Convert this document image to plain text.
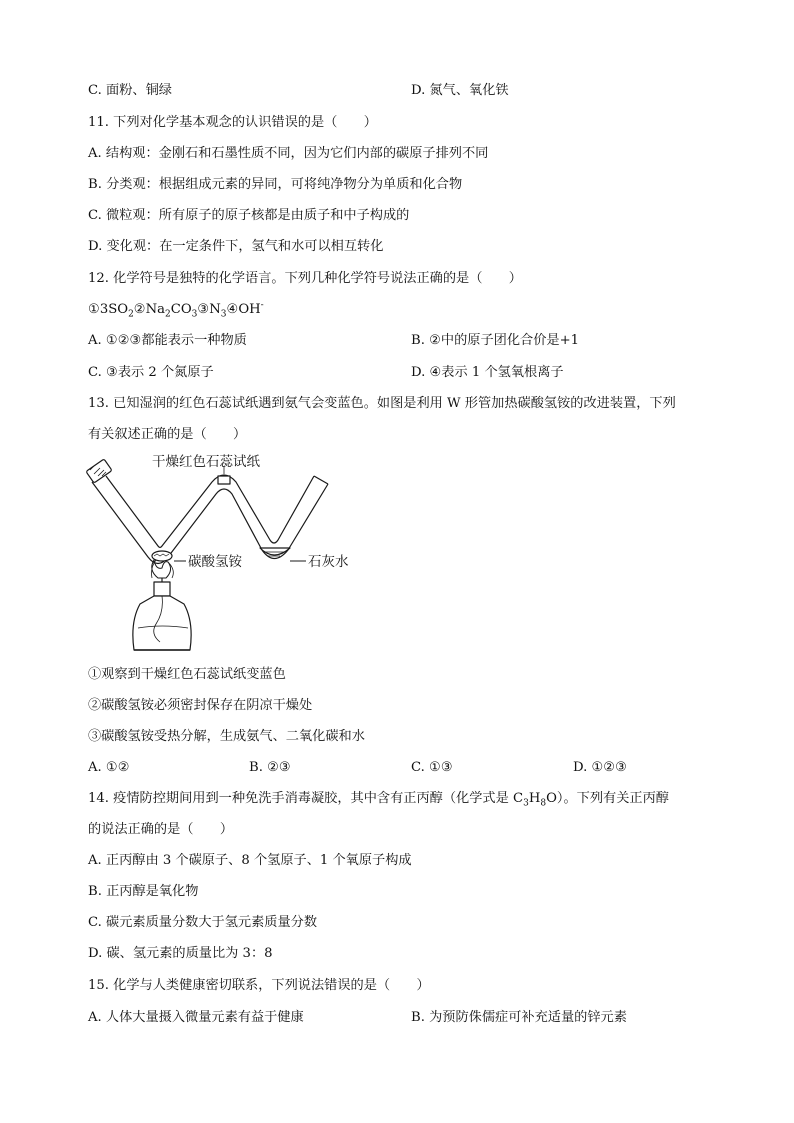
C. 面粉、铜绿	D. 氮气、氧化铁
11. 下列对化学基本观念的认识错误的是（　　）
A. 结构观：金刚石和石墨性质不同，因为它们内部的碳原子排列不同
B. 分类观：根据组成元素的异同，可将纯净物分为单质和化合物
C. 微粒观：所有原子的原子核都是由质子和中子构成的
D. 变化观：在一定条件下，氢气和水可以相互转化
12. 化学符号是独特的化学语言。下列几种化学符号说法正确的是（　　）
$①3SO_2②Na_2CO_3③N_3④OH^-$
A. ①②③都能表示一种物质	B. ②中的原子团化合价是+1
C. ③表示 2 个氮原子	D. ④表示 1 个氢氧根离子
13. 已知湿润的红色石蕊试纸遇到氨气会变蓝色。如图是利用 W 形管加热碳酸氢铵的改进装置，下列
有关叙述正确的是（　　）
干燥红色石蕊试纸
碳酸氢铵	石灰水
①观察到干燥红色石蕊试纸变蓝色
②碳酸氢铵必须密封保存在阴凉干燥处
③碳酸氢铵受热分解，生成氨气、二氧化碳和水
A. ①②	B. ②③	C. ①③	D. ①②③
14. 疫情防控期间用到一种免洗手消毒凝胶，其中含有正丙醇（化学式是 $C_3H_8O$）。下列有关正丙醇
的说法正确的是（　　）
A. 正丙醇由 3 个碳原子、8 个氢原子、1 个氧原子构成
B. 正丙醇是氧化物
C. 碳元素质量分数大于氢元素质量分数
D. 碳、氢元素的质量比为 3：8
15. 化学与人类健康密切联系，下列说法错误的是（　　）
A. 人体大量摄入微量元素有益于健康	B. 为预防侏儒症可补充适量的锌元素
